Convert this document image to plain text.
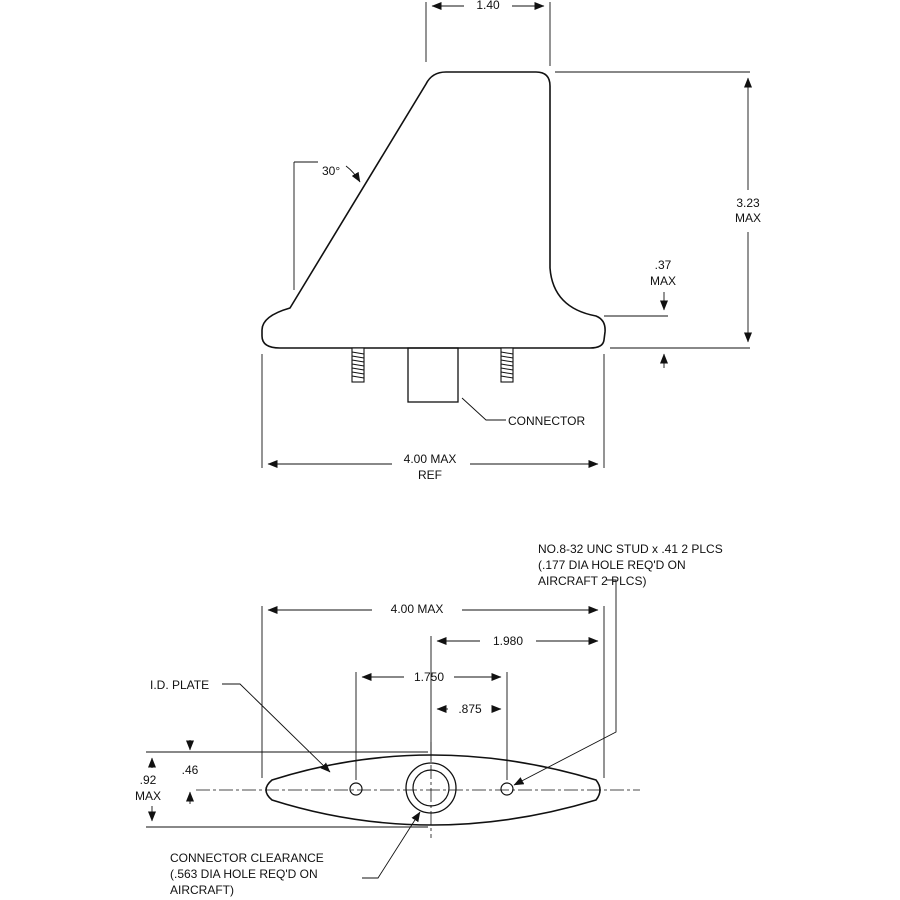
1.40
30°
3.23
MAX
.37
MAX
CONNECTOR
4.00 MAX
REF
NO.8-32 UNC STUD x .41 2 PLCS
(.177 DIA HOLE REQ'D ON
AIRCRAFT 2 PLCS)
4.00 MAX
1.980
1.750
.875
I.D. PLATE
.92
MAX
.46
CONNECTOR CLEARANCE
(.563 DIA HOLE REQ'D ON
AIRCRAFT)
